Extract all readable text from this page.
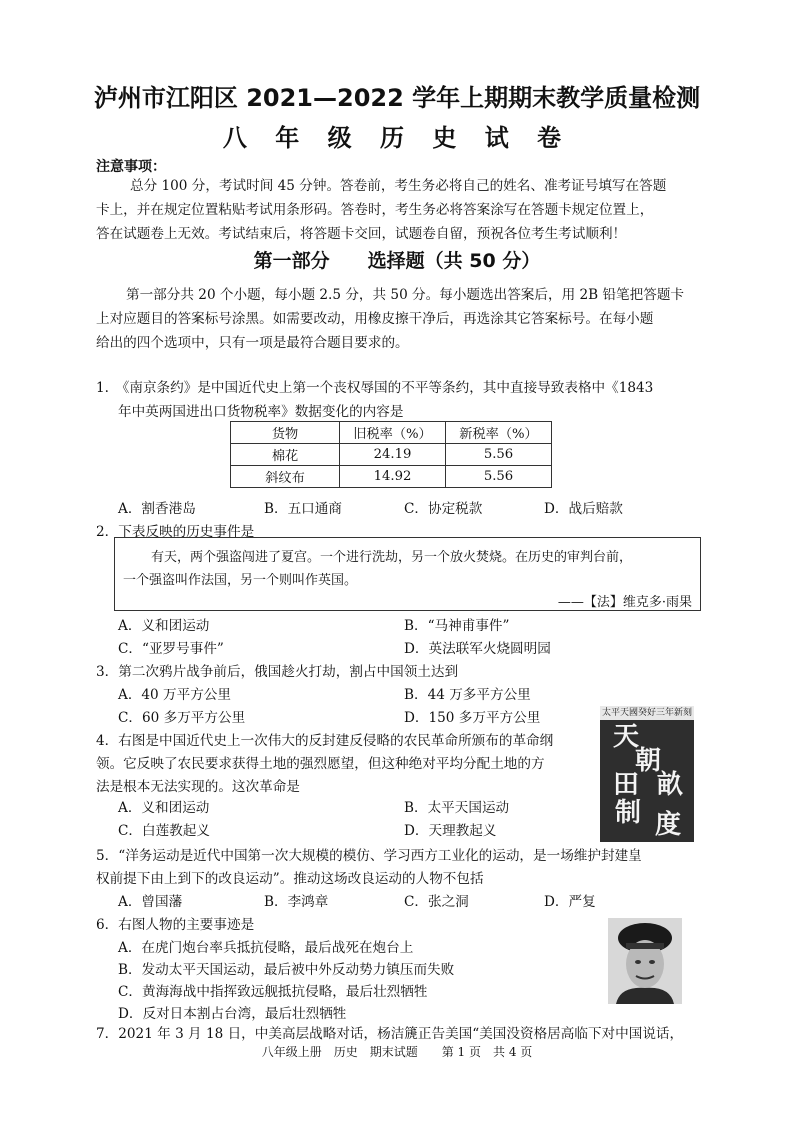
泸州市江阳区 2021—2022 学年上期期末教学质量检测
八 年 级 历 史 试 卷
注意事项：
总分 100 分，考试时间 45 分钟。答卷前，考生务必将自己的姓名、准考证号填写在答题
卡上，并在规定位置粘贴考试用条形码。答卷时，考生务必将答案涂写在答题卡规定位置上，
答在试题卷上无效。考试结束后，将答题卡交回，试题卷自留，预祝各位考生考试顺利！
第一部分　　选择题（共 50 分）
第一部分共 20 个小题，每小题 2.5 分，共 50 分。每小题选出答案后，用 2B 铅笔把答题卡
上对应题目的答案标号涂黑。如需要改动，用橡皮擦干净后，再选涂其它答案标号。在每小题
给出的四个选项中，只有一项是最符合题目要求的。
1.　《南京条约》是中国近代史上第一个丧权辱国的不平等条约，其中直接导致表格中《1843
年中英两国进出口货物税率》数据变化的内容是
货物	旧税率（%）	新税率（%）
棉花	24.19	5.56
斜纹布	14.92	5.56
A．割香港岛	B．五口通商	C．协定税款	D．战后赔款
2．下表反映的历史事件是
有天，两个强盗闯进了夏宫。一个进行洗劫，另一个放火焚烧。在历史的审判台前，
一个强盗叫作法国，另一个则叫作英国。
——【法】维克多·雨果
A．义和团运动	B．“马神甫事件”
C．“亚罗号事件”	D．英法联军火烧圆明园
3．第二次鸦片战争前后，俄国趁火打劫，割占中国领土达到
A．40 万平方公里	B．44 万多平方公里
C．60 多万平方公里	D．150 多万平方公里
4．右图是中国近代史上一次伟大的反封建反侵略的农民革命所颁布的革命纲
领。它反映了农民要求获得土地的强烈愿望，但这种绝对平均分配土地的方
法是根本无法实现的。这次革命是
A．义和团运动	B．太平天国运动
C．白莲教起义	D．天理教起义
太平天國癸好三年新刻
天
朝
田 畝
制 度
5．“洋务运动是近代中国第一次大规模的模仿、学习西方工业化的运动，是一场维护封建皇
权前提下由上到下的改良运动”。推动这场改良运动的人物不包括
A．曾国藩	B．李鸿章	C．张之洞	D．严复
6．右图人物的主要事迹是
A．在虎门炮台率兵抵抗侵略，最后战死在炮台上
B．发动太平天国运动，最后被中外反动势力镇压而失败
C．黄海海战中指挥致远舰抵抗侵略，最后壮烈牺牲
D．反对日本割占台湾，最后壮烈牺牲
7．2021 年 3 月 18 日，中美高层战略对话，杨洁篪正告美国“美国没资格居高临下对中国说话，
八年级上册　历史　期末试题　　第 1 页　共 4 页
